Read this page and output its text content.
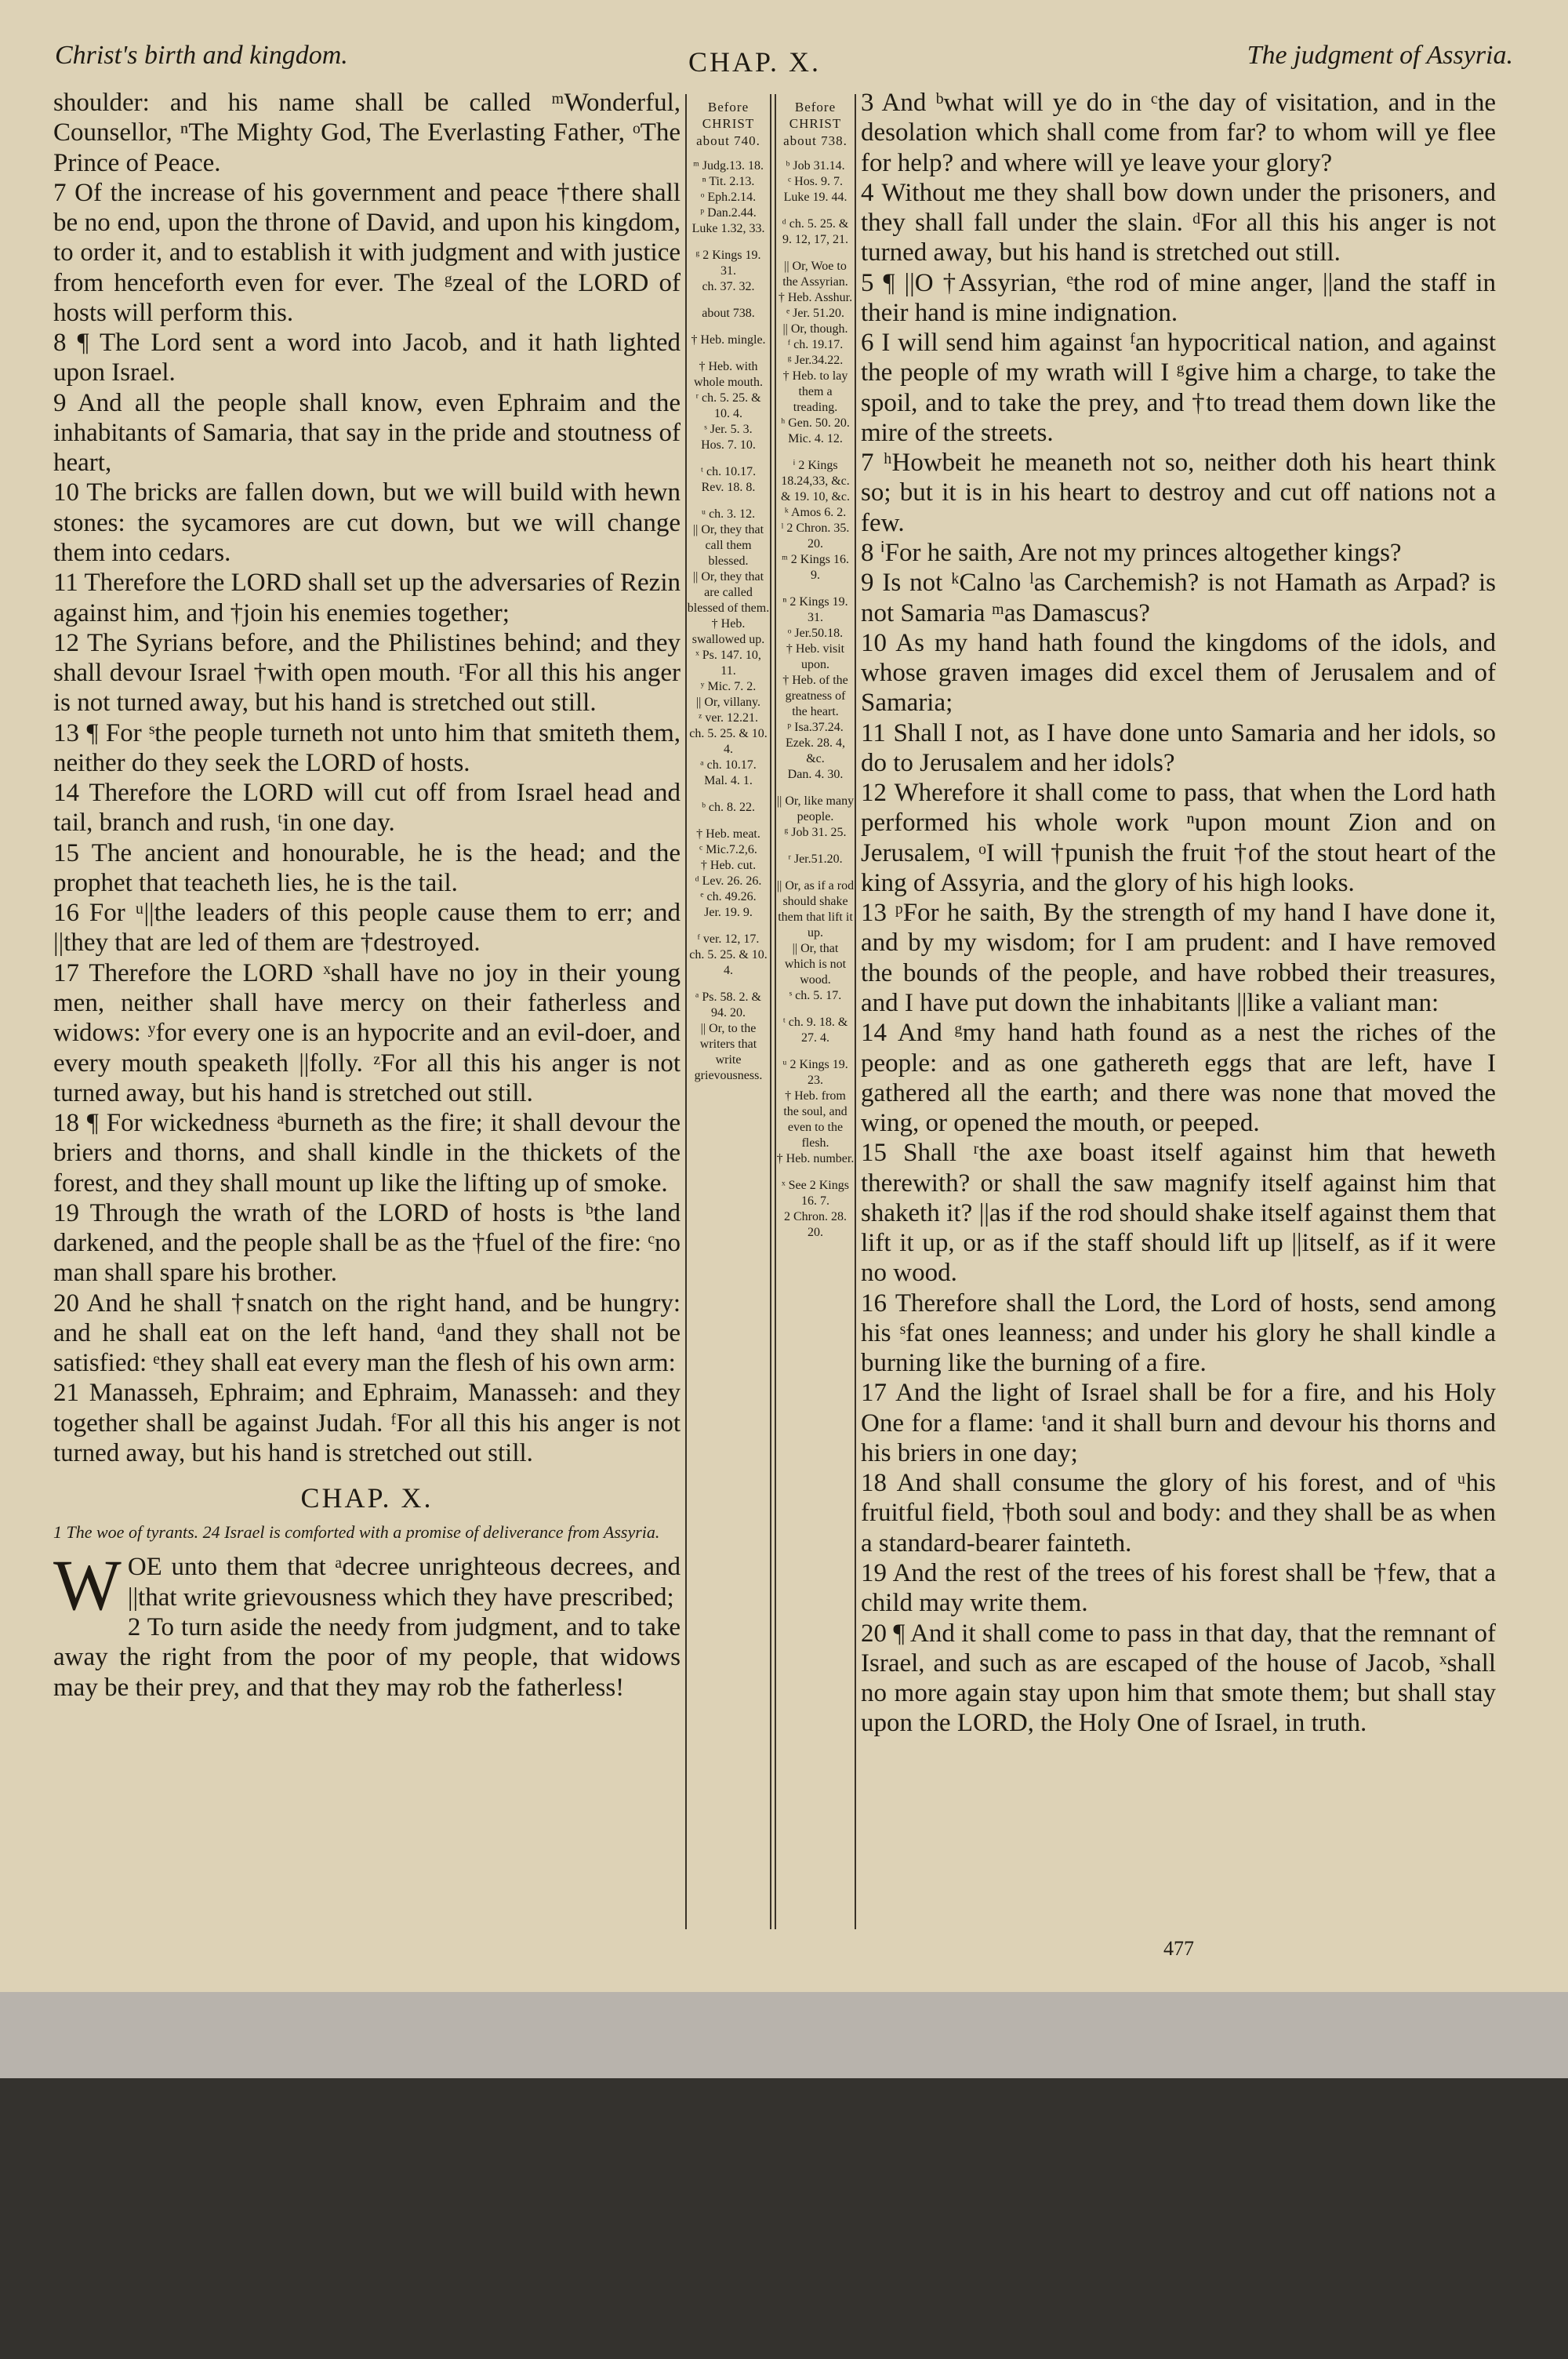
Christ's birth and kingdom.	CHAP. X.	The judgment of Assyria.

shoulder: and his name shall be called ᵐWonderful, Counsellor, ⁿThe Mighty God, The Everlasting Father, ᵒThe Prince of Peace.

7 Of the increase of his government and peace †there shall be no end, upon the throne of David, and upon his kingdom, to order it, and to establish it with judgment and with justice from henceforth even for ever. The ᵍzeal of the LORD of hosts will perform this.

8 ¶ The Lord sent a word into Jacob, and it hath lighted upon Israel.

9 And all the people shall know, even Ephraim and the inhabitants of Samaria, that say in the pride and stoutness of heart,

10 The bricks are fallen down, but we will build with hewn stones: the sycamores are cut down, but we will change them into cedars.

11 Therefore the LORD shall set up the adversaries of Rezin against him, and †join his enemies together;

12 The Syrians before, and the Philistines behind; and they shall devour Israel †with open mouth. ʳFor all this his anger is not turned away, but his hand is stretched out still.

13 ¶ For ˢthe people turneth not unto him that smiteth them, neither do they seek the LORD of hosts.

14 Therefore the LORD will cut off from Israel head and tail, branch and rush, ᵗin one day.

15 The ancient and honourable, he is the head; and the prophet that teacheth lies, he is the tail.

16 For ᵘ||the leaders of this people cause them to err; and ||they that are led of them are †destroyed.

17 Therefore the LORD ˣshall have no joy in their young men, neither shall have mercy on their fatherless and widows: ʸfor every one is an hypocrite and an evil-doer, and every mouth speaketh ||folly. ᶻFor all this his anger is not turned away, but his hand is stretched out still.

18 ¶ For wickedness ᵃburneth as the fire; it shall devour the briers and thorns, and shall kindle in the thickets of the forest, and they shall mount up like the lifting up of smoke.

19 Through the wrath of the LORD of hosts is ᵇthe land darkened, and the people shall be as the †fuel of the fire: ᶜno man shall spare his brother.

20 And he shall †snatch on the right hand, and be hungry: and he shall eat on the left hand, ᵈand they shall not be satisfied: ᵉthey shall eat every man the flesh of his own arm:

21 Manasseh, Ephraim; and Ephraim, Manasseh: and they together shall be against Judah. ᶠFor all this his anger is not turned away, but his hand is stretched out still.

CHAP. X.

1 The woe of tyrants. 24 Israel is comforted with a promise of deliverance from Assyria.

WOE unto them that ᵃdecree unrighteous decrees, and ||that write grievousness which they have prescribed;

2 To turn aside the needy from judgment, and to take away the right from the poor of my people, that widows may be their prey, and that they may rob the fatherless!

Before CHRIST about 740.

ᵐ Judg.13. 18.
ⁿ Tit. 2.13.
ᵒ Eph.2.14.
ᵖ Dan.2.44.
Luke 1.32, 33.

ᵍ 2 Kings 19. 31.
ch. 37. 32.

about 738.

† Heb. mingle.

† Heb. with whole mouth.
ʳ ch. 5. 25. & 10. 4.
ˢ Jer. 5. 3.
Hos. 7. 10.

ᵗ ch. 10.17.
Rev. 18. 8.

ᵘ ch. 3. 12.
|| Or, they that call them blessed.
|| Or, they that are called blessed of them.
† Heb. swallowed up.
ˣ Ps. 147. 10, 11.
ʸ Mic. 7. 2.
|| Or, villany.
ᶻ ver. 12.21.
ch. 5. 25. & 10. 4.
ᵃ ch. 10.17.
Mal. 4. 1.

ᵇ ch. 8. 22.

† Heb. meat.
ᶜ Mic.7.2,6.
† Heb. cut.
ᵈ Lev. 26. 26.
ᵉ ch. 49.26.
Jer. 19. 9.

ᶠ ver. 12, 17.
ch. 5. 25. & 10. 4.

ᵃ Ps. 58. 2. & 94. 20.
|| Or, to the writers that write grievousness.

Before CHRIST about 738.

ᵇ Job 31.14.
ᶜ Hos. 9. 7.
Luke 19. 44.

ᵈ ch. 5. 25. & 9. 12, 17, 21.

|| Or, Woe to the Assyrian.
† Heb. Asshur.
ᵉ Jer. 51.20.
|| Or, though.
ᶠ ch. 19.17.
ᵍ Jer.34.22.
† Heb. to lay them a treading.
ʰ Gen. 50. 20.
Mic. 4. 12.

ⁱ 2 Kings 18.24,33, &c. & 19. 10, &c.
ᵏ Amos 6. 2.
ˡ 2 Chron. 35. 20.
ᵐ 2 Kings 16. 9.

ⁿ 2 Kings 19. 31.
ᵒ Jer.50.18.
† Heb. visit upon.
† Heb. of the greatness of the heart.
ᵖ Isa.37.24.
Ezek. 28. 4, &c.
Dan. 4. 30.

|| Or, like many people.
ᵍ Job 31. 25.

ʳ Jer.51.20.

|| Or, as if a rod should shake them that lift it up.
|| Or, that which is not wood.
ˢ ch. 5. 17.

ᵗ ch. 9. 18. & 27. 4.

ᵘ 2 Kings 19. 23.
† Heb. from the soul, and even to the flesh.
† Heb. number.

ˣ See 2 Kings 16. 7.
2 Chron. 28. 20.

3 And ᵇwhat will ye do in ᶜthe day of visitation, and in the desolation which shall come from far? to whom will ye flee for help? and where will ye leave your glory?

4 Without me they shall bow down under the prisoners, and they shall fall under the slain. ᵈFor all this his anger is not turned away, but his hand is stretched out still.

5 ¶ ||O †Assyrian, ᵉthe rod of mine anger, ||and the staff in their hand is mine indignation.

6 I will send him against ᶠan hypocritical nation, and against the people of my wrath will I ᵍgive him a charge, to take the spoil, and to take the prey, and †to tread them down like the mire of the streets.

7 ʰHowbeit he meaneth not so, neither doth his heart think so; but it is in his heart to destroy and cut off nations not a few.

8 ⁱFor he saith, Are not my princes altogether kings?

9 Is not ᵏCalno ˡas Carchemish? is not Hamath as Arpad? is not Samaria ᵐas Damascus?

10 As my hand hath found the kingdoms of the idols, and whose graven images did excel them of Jerusalem and of Samaria;

11 Shall I not, as I have done unto Samaria and her idols, so do to Jerusalem and her idols?

12 Wherefore it shall come to pass, that when the Lord hath performed his whole work ⁿupon mount Zion and on Jerusalem, ᵒI will †punish the fruit †of the stout heart of the king of Assyria, and the glory of his high looks.

13 ᵖFor he saith, By the strength of my hand I have done it, and by my wisdom; for I am prudent: and I have removed the bounds of the people, and have robbed their treasures, and I have put down the inhabitants ||like a valiant man:

14 And ᵍmy hand hath found as a nest the riches of the people: and as one gathereth eggs that are left, have I gathered all the earth; and there was none that moved the wing, or opened the mouth, or peeped.

15 Shall ʳthe axe boast itself against him that heweth therewith? or shall the saw magnify itself against him that shaketh it? ||as if the rod should shake itself against them that lift it up, or as if the staff should lift up ||itself, as if it were no wood.

16 Therefore shall the Lord, the Lord of hosts, send among his ˢfat ones leanness; and under his glory he shall kindle a burning like the burning of a fire.

17 And the light of Israel shall be for a fire, and his Holy One for a flame: ᵗand it shall burn and devour his thorns and his briers in one day;

18 And shall consume the glory of his forest, and of ᵘhis fruitful field, †both soul and body: and they shall be as when a standard-bearer fainteth.

19 And the rest of the trees of his forest shall be †few, that a child may write them.

20 ¶ And it shall come to pass in that day, that the remnant of Israel, and such as are escaped of the house of Jacob, ˣshall no more again stay upon him that smote them; but shall stay upon the LORD, the Holy One of Israel, in truth.

477
